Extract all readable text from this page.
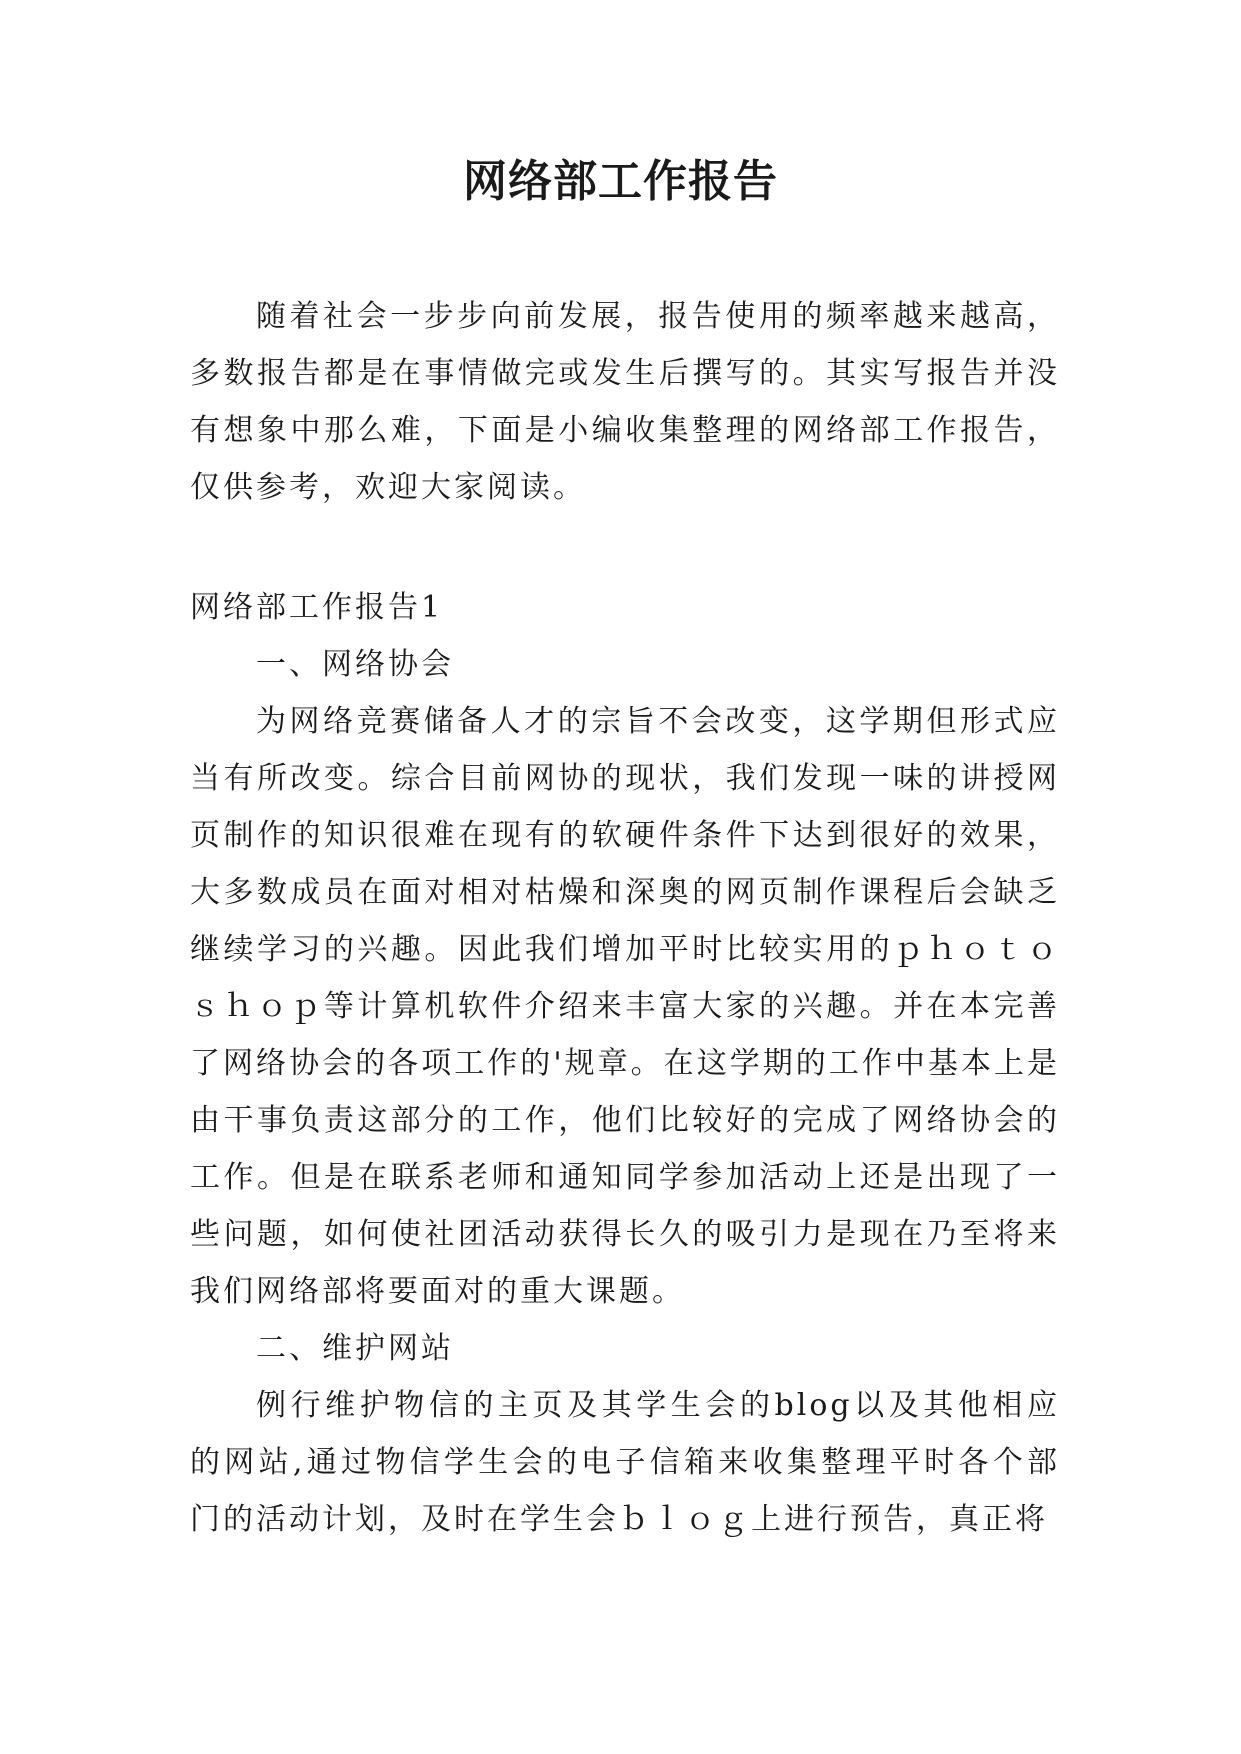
网络部工作报告

随着社会一步步向前发展，报告使用的频率越来越高，多数报告都是在事情做完或发生后撰写的。其实写报告并没有想象中那么难，下面是小编收集整理的网络部工作报告，仅供参考，欢迎大家阅读。

网络部工作报告1

一、网络协会

为网络竞赛储备人才的宗旨不会改变，这学期但形式应当有所改变。综合目前网协的现状，我们发现一味的讲授网页制作的知识很难在现有的软硬件条件下达到很好的效果，大多数成员在面对相对枯燥和深奥的网页制作课程后会缺乏继续学习的兴趣。因此我们增加平时比较实用的ｐｈｏｔｏｓｈｏｐ等计算机软件介绍来丰富大家的兴趣。并在本完善了网络协会的各项工作的'规章。在这学期的工作中基本上是由干事负责这部分的工作，他们比较好的完成了网络协会的工作。但是在联系老师和通知同学参加活动上还是出现了一些问题，如何使社团活动获得长久的吸引力是现在乃至将来我们网络部将要面对的重大课题。

二、维护网站

例行维护物信的主页及其学生会的blog以及其他相应的网站,通过物信学生会的电子信箱来收集整理平时各个部门的活动计划，及时在学生会ｂｌｏｇ上进行预告，真正将
